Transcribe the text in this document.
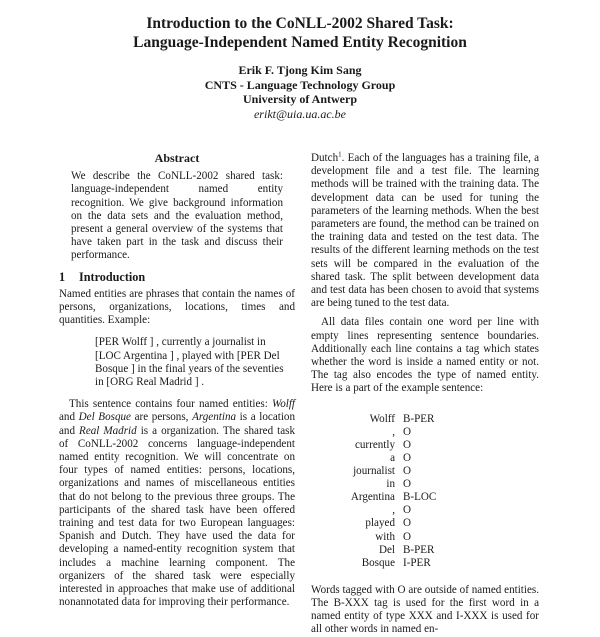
Introduction to the CoNLL-2002 Shared Task:
Language-Independent Named Entity Recognition
Erik F. Tjong Kim Sang
CNTS - Language Technology Group
University of Antwerp
erikt@uia.ua.ac.be
Abstract

We describe the CoNLL-2002 shared task: language-independent named entity recognition. We give background information on the data sets and the evaluation method, present a general overview of the systems that have taken part in the task and discuss their performance.

1 Introduction

Named entities are phrases that contain the names of persons, organizations, locations, times and quantities. Example:

[PER Wolff ] , currently a journalist in [LOC Argentina ] , played with [PER Del Bosque ] in the final years of the seventies in [ORG Real Madrid ] .

This sentence contains four named entities: Wolff and Del Bosque are persons, Argentina is a location and Real Madrid is a organization. The shared task of CoNLL-2002 concerns language-independent named entity recognition. We will concentrate on four types of named entities: persons, locations, organizations and names of miscellaneous entities that do not belong to the previous three groups. The participants of the shared task have been offered training and test data for two European languages: Spanish and Dutch. They have used the data for developing a named-entity recognition system that includes a machine learning component. The organizers of the shared task were especially interested in approaches that make use of additional nonannotated data for improving their performance.

Dutch$^1$. Each of the languages has a training file, a development file and a test file. The learning methods will be trained with the training data. The development data can be used for tuning the parameters of the learning methods. When the best parameters are found, the method can be trained on the training data and tested on the test data. The results of the different learning methods on the test sets will be compared in the evaluation of the shared task. The split between development data and test data has been chosen to avoid that systems are being tuned to the test data.

All data files contain one word per line with empty lines representing sentence boundaries. Additionally each line contains a tag which states whether the word is inside a named entity or not. The tag also encodes the type of named entity. Here is a part of the example sentence:

Wolff	B-PER
,	O
currently	O
a	O
journalist	O
in	O
Argentina	B-LOC
,	O
played	O
with	O
Del	B-PER
Bosque	I-PER

Words tagged with O are outside of named entities. The B-XXX tag is used for the first word in a named entity of type XXX and I-XXX is used for all other words in named en-
